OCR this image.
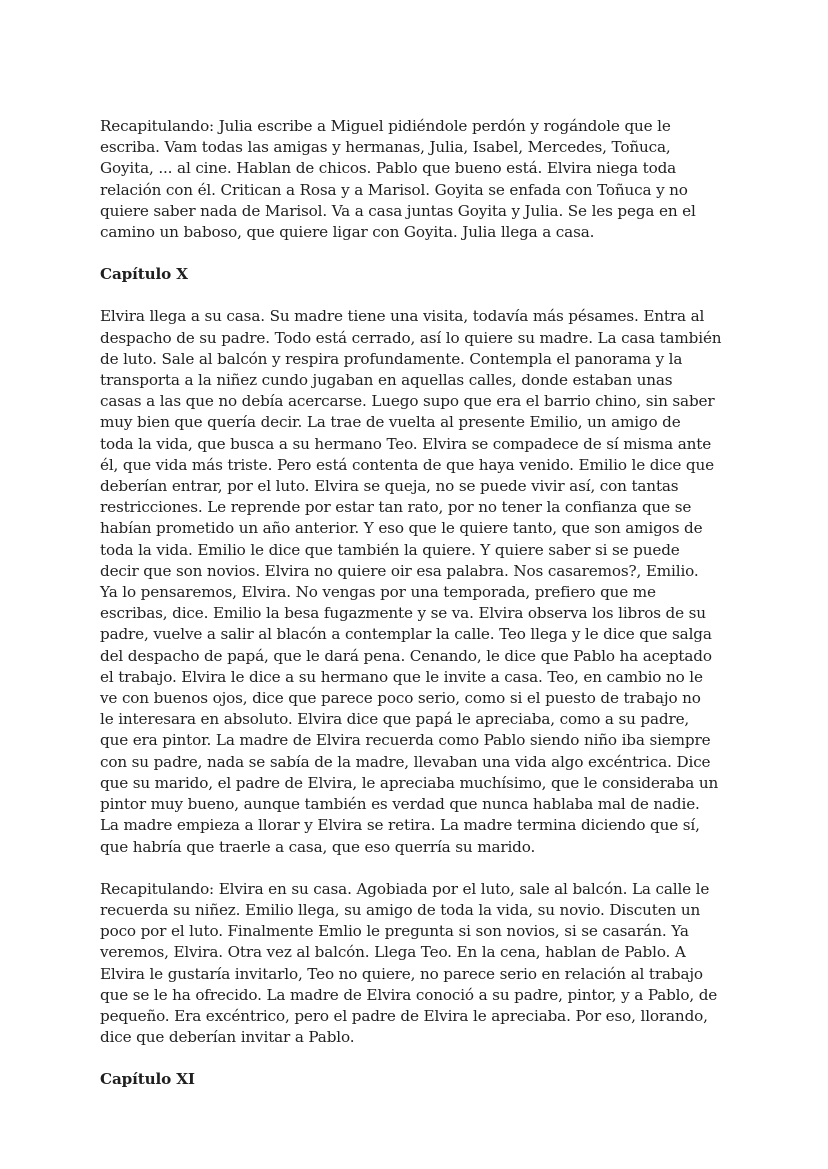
Recapitulando: Julia escribe a Miguel pidiéndole perdón y rogándole que le
escriba. Vam todas las amigas y hermanas, Julia, Isabel, Mercedes, Toñuca,
Goyita, ... al cine. Hablan de chicos. Pablo que bueno está. Elvira niega toda
relación con él. Critican a Rosa y a Marisol. Goyita se enfada con Toñuca y no
quiere saber nada de Marisol. Va a casa juntas Goyita y Julia. Se les pega en el
camino un baboso, que quiere ligar con Goyita. Julia llega a casa.

Capítulo X

Elvira llega a su casa. Su madre tiene una visita, todavía más pésames. Entra al
despacho de su padre. Todo está cerrado, así lo quiere su madre. La casa también
de luto. Sale al balcón y respira profundamente. Contempla el panorama y la
transporta a la niñez cundo jugaban en aquellas calles, donde estaban unas
casas a las que no debía acercarse. Luego supo que era el barrio chino, sin saber
muy bien que quería decir. La trae de vuelta al presente Emilio, un amigo de
toda la vida, que busca a su hermano Teo. Elvira se compadece de sí misma ante
él, que vida más triste. Pero está contenta de que haya venido. Emilio le dice que
deberían entrar, por el luto. Elvira se queja, no se puede vivir así, con tantas
restricciones. Le reprende por estar tan rato, por no tener la confianza que se
habían prometido un año anterior. Y eso que le quiere tanto, que son amigos de
toda la vida. Emilio le dice que también la quiere. Y quiere saber si se puede
decir que son novios. Elvira no quiere oir esa palabra. Nos casaremos?, Emilio.
Ya lo pensaremos, Elvira. No vengas por una temporada, prefiero que me
escribas, dice. Emilio la besa fugazmente y se va. Elvira observa los libros de su
padre, vuelve a salir al blacón a contemplar la calle. Teo llega y le dice que salga
del despacho de papá, que le dará pena. Cenando, le dice que Pablo ha aceptado
el trabajo. Elvira le dice a su hermano que le invite a casa. Teo, en cambio no le
ve con buenos ojos, dice que parece poco serio, como si el puesto de trabajo no
le interesara en absoluto. Elvira dice que papá le apreciaba, como a su padre,
que era pintor. La madre de Elvira recuerda como Pablo siendo niño iba siempre
con su padre, nada se sabía de la madre, llevaban una vida algo excéntrica. Dice
que su marido, el padre de Elvira, le apreciaba muchísimo, que le consideraba un
pintor muy bueno, aunque también es verdad que nunca hablaba mal de nadie.
La madre empieza a llorar y Elvira se retira. La madre termina diciendo que sí,
que habría que traerle a casa, que eso querría su marido.

Recapitulando: Elvira en su casa. Agobiada por el luto, sale al balcón. La calle le
recuerda su niñez. Emilio llega, su amigo de toda la vida, su novio. Discuten un
poco por el luto. Finalmente Emlio le pregunta si son novios, si se casarán. Ya
veremos, Elvira. Otra vez al balcón. Llega Teo. En la cena, hablan de Pablo. A
Elvira le gustaría invitarlo, Teo no quiere, no parece serio en relación al trabajo
que se le ha ofrecido. La madre de Elvira conoció a su padre, pintor, y a Pablo, de
pequeño. Era excéntrico, pero el padre de Elvira le apreciaba. Por eso, llorando,
dice que deberían invitar a Pablo.

Capítulo XI
